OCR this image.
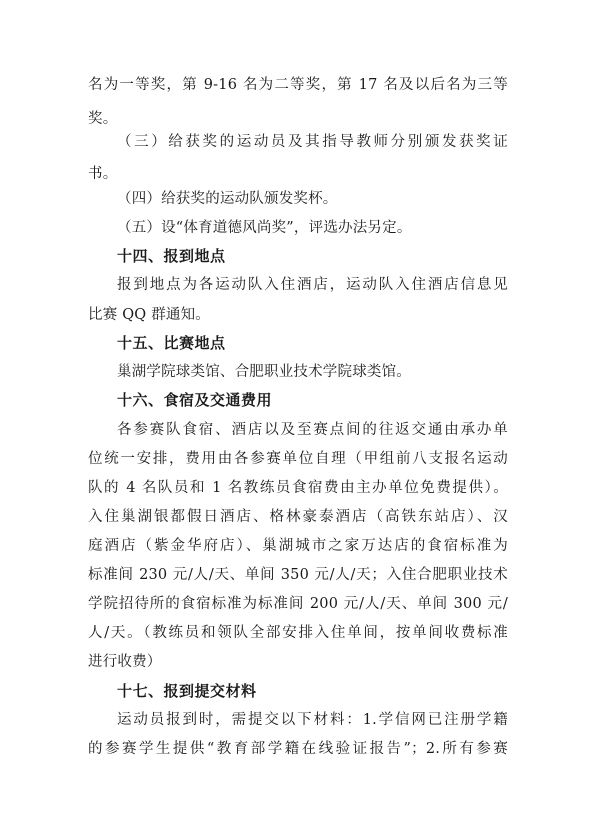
名为一等奖，第 9-16 名为二等奖，第 17 名及以后名为三等
奖。
（三）给获奖的运动员及其指导教师分别颁发获奖证
书。
（四）给获奖的运动队颁发奖杯。
（五）设“体育道德风尚奖”，评选办法另定。
十四、报到地点
报到地点为各运动队入住酒店，运动队入住酒店信息见
比赛 QQ 群通知。
十五、比赛地点
巢湖学院球类馆、合肥职业技术学院球类馆。
十六、食宿及交通费用
各参赛队食宿、酒店以及至赛点间的往返交通由承办单
位统一安排，费用由各参赛单位自理（甲组前八支报名运动
队的 4 名队员和 1 名教练员食宿费由主办单位免费提供）。
入住巢湖银都假日酒店、格林豪泰酒店（高铁东站店）、汉
庭酒店（紫金华府店）、巢湖城市之家万达店的食宿标准为
标准间 230 元/人/天、单间 350 元/人/天；入住合肥职业技术
学院招待所的食宿标准为标准间 200 元/人/天、单间 300 元/
人/天。（教练员和领队全部安排入住单间，按单间收费标准
进行收费）
十七、报到提交材料
运动员报到时，需提交以下材料：1.学信网已注册学籍
的参赛学生提供“教育部学籍在线验证报告”；2.所有参赛
